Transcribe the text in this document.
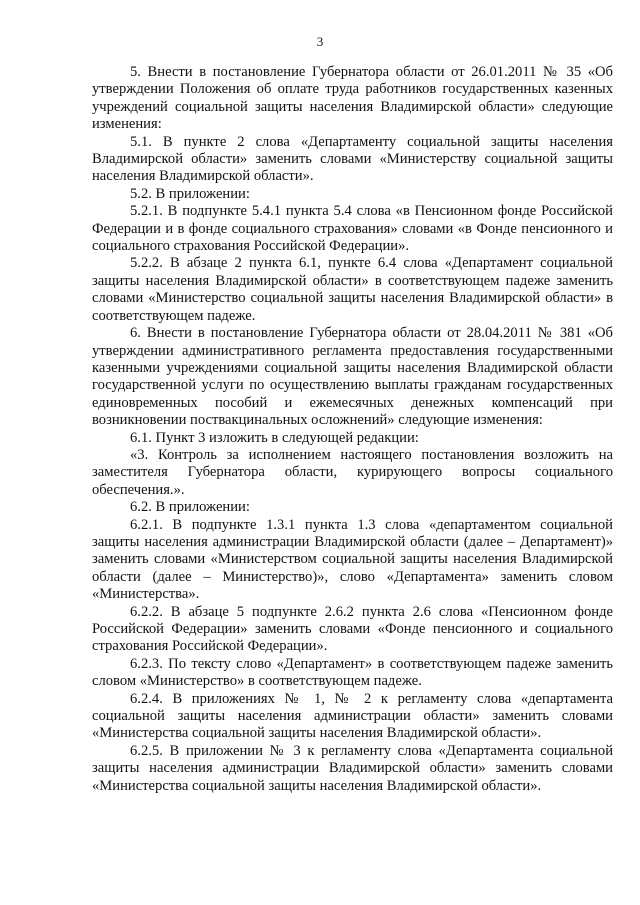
3

5. Внести в постановление Губернатора области от 26.01.2011 № 35 «Об утверждении Положения об оплате труда работников государственных казенных учреждений социальной защиты населения Владимирской области» следующие изменения:

5.1. В пункте 2 слова «Департаменту социальной защиты населения Владимирской области» заменить словами «Министерству социальной защиты населения Владимирской области».

5.2. В приложении:

5.2.1. В подпункте 5.4.1 пункта 5.4 слова «в Пенсионном фонде Российской Федерации и в фонде социального страхования» словами «в Фонде пенсионного и социального страхования Российской Федерации».

5.2.2. В абзаце 2 пункта 6.1, пункте 6.4 слова «Департамент социальной защиты населения Владимирской области» в соответствующем падеже заменить словами «Министерство социальной защиты населения Владимирской области» в соответствующем падеже.

6. Внести в постановление Губернатора области от 28.04.2011 № 381 «Об утверждении административного регламента предоставления государственными казенными учреждениями социальной защиты населения Владимирской области государственной услуги по осуществлению выплаты гражданам государственных единовременных пособий и ежемесячных денежных компенсаций при возникновении поствакцинальных осложнений» следующие изменения:

6.1. Пункт 3 изложить в следующей редакции:

«3. Контроль за исполнением настоящего постановления возложить на заместителя Губернатора области, курирующего вопросы социального обеспечения.».

6.2. В приложении:

6.2.1. В подпункте 1.3.1 пункта 1.3 слова «департаментом социальной защиты населения администрации Владимирской области (далее – Департамент)» заменить словами «Министерством социальной защиты населения Владимирской области (далее – Министерство)», слово «Департамента» заменить словом «Министерства».

6.2.2. В абзаце 5 подпункте 2.6.2 пункта 2.6 слова «Пенсионном фонде Российской Федерации» заменить словами «Фонде пенсионного и социального страхования Российской Федерации».

6.2.3. По тексту слово «Департамент» в соответствующем падеже заменить словом «Министерство» в соответствующем падеже.

6.2.4. В приложениях № 1, № 2 к регламенту слова «департамента социальной защиты населения администрации области» заменить словами «Министерства социальной защиты населения Владимирской области».

6.2.5. В приложении № 3 к регламенту слова «Департамента социальной защиты населения администрации Владимирской области» заменить словами «Министерства социальной защиты населения Владимирской области».
